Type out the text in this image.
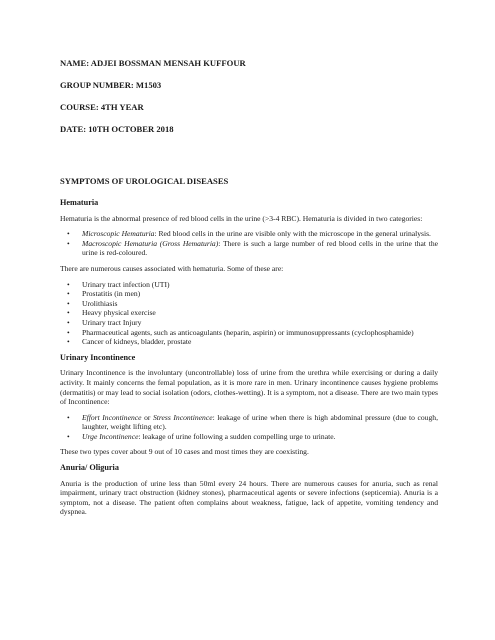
NAME: ADJEI BOSSMAN MENSAH KUFFOUR
GROUP NUMBER: M1503
COURSE: 4TH YEAR
DATE: 10TH OCTOBER 2018
SYMPTOMS OF UROLOGICAL DISEASES
Hematuria

Hematuria is the abnormal presence of red blood cells in the urine (>3-4 RBC). Hematuria is divided in two categories:

• Microscopic Hematuria: Red blood cells in the urine are visible only with the microscope in the general urinalysis.
• Macroscopic Hematuria (Gross Hematuria): There is such a large number of red blood cells in the urine that the urine is red-coloured.

There are numerous causes associated with hematuria. Some of these are:

• Urinary tract infection (UTI)
• Prostatitis (in men)
• Urolithiasis
• Heavy physical exercise
• Urinary tract Injury
• Pharmaceutical agents, such as anticoagulants (heparin, aspirin) or immunosuppressants (cyclophosphamide)
• Cancer of kidneys, bladder, prostate
Urinary Incontinence

Urinary Incontinence is the involuntary (uncontrollable) loss of urine from the urethra while exercising or during a daily activity. It mainly concerns the femal population, as it is more rare in men. Urinary incontinence causes hygiene problems (dermatitis) or may lead to social isolation (odors, clothes-wetting). It is a symptom, not a disease. There are two main types of Incontinence:

• Effort Incontinence or Stress Incontinence: leakage of urine when there is high abdominal pressure (due to cough, laughter, weight lifting etc).
• Urge Incontinence: leakage of urine following a sudden compelling urge to urinate.

These two types cover about 9 out of 10 cases and most times they are coexisting.

Anuria/ Oliguria

Anuria is the production of urine less than 50ml every 24 hours. There are numerous causes for anuria, such as renal impairment, urinary tract obstruction (kidney stones), pharmaceutical agents or severe infections (septicemia). Anuria is a symptom, not a disease. The patient often complains about weakness, fatigue, lack of appetite, vomiting tendency and dyspnea.
